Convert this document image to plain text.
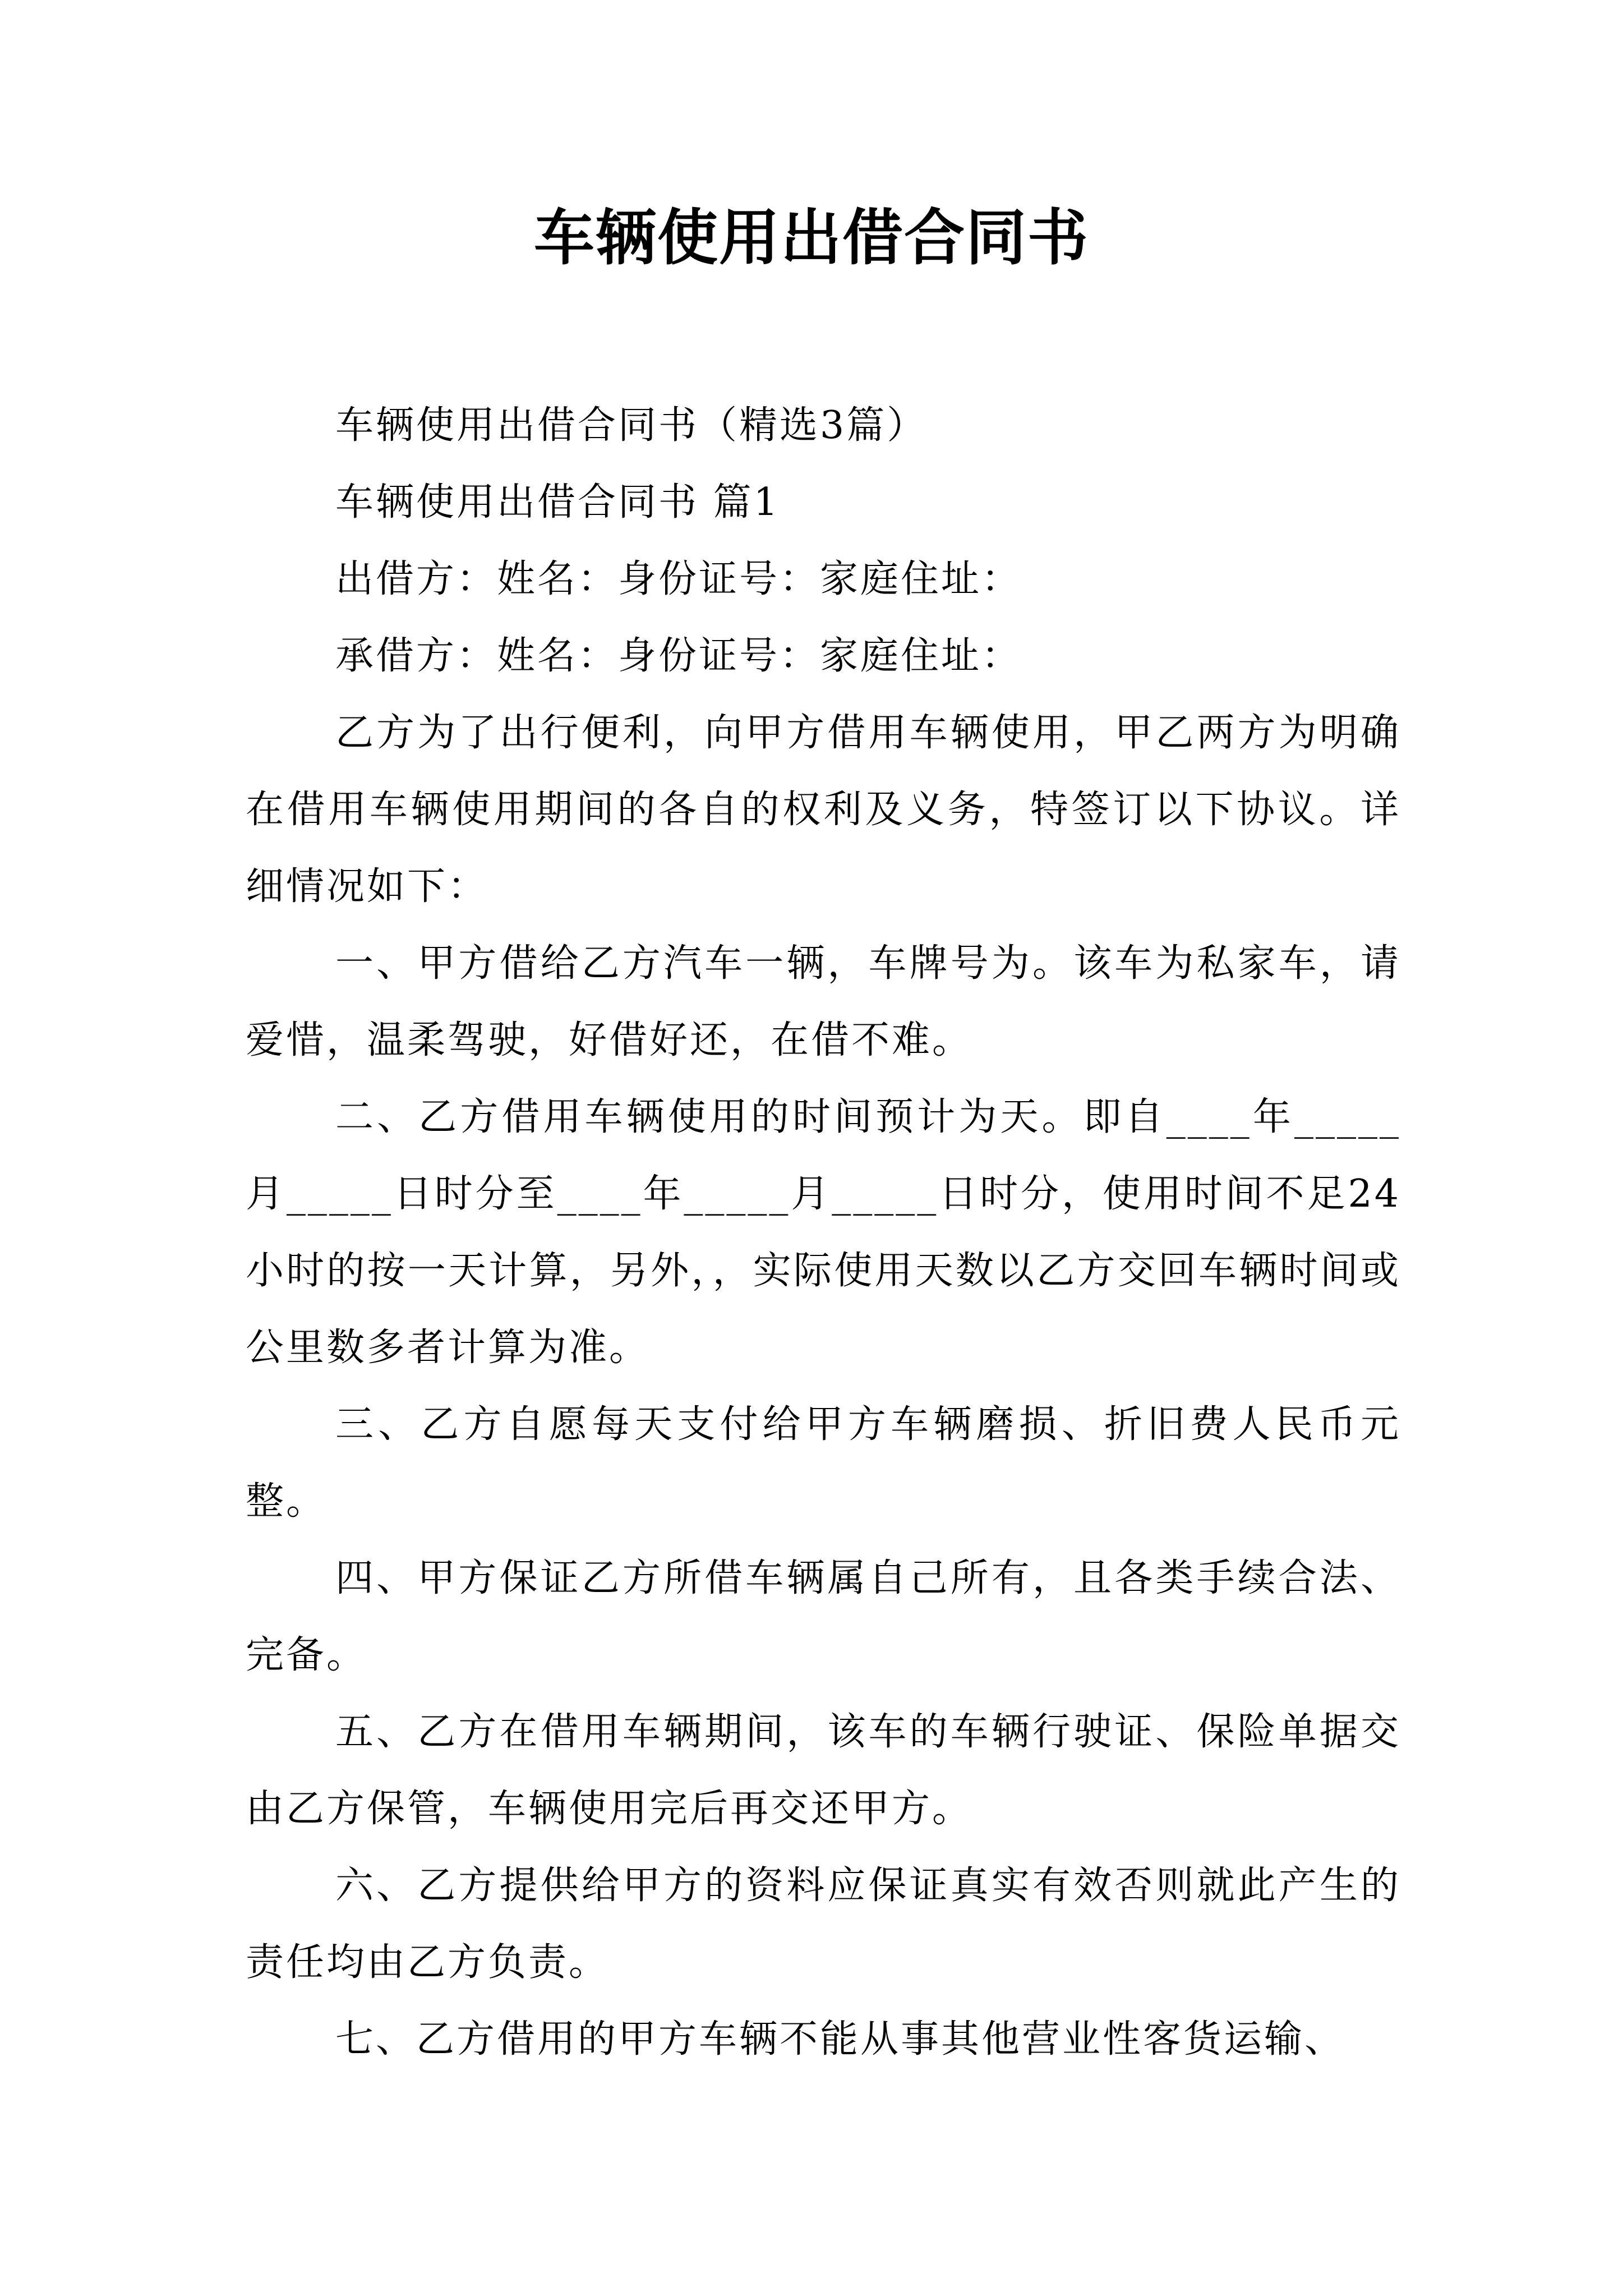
车辆使用出借合同书

车辆使用出借合同书（精选3篇）

车辆使用出借合同书 篇1

出借方：姓名：身份证号：家庭住址：

承借方：姓名：身份证号：家庭住址：

乙方为了出行便利，向甲方借用车辆使用，甲乙两方为明确在借用车辆使用期间的各自的权利及义务，特签订以下协议。详细情况如下：

一、甲方借给乙方汽车一辆，车牌号为。该车为私家车，请爱惜，温柔驾驶，好借好还，在借不难。

二、乙方借用车辆使用的时间预计为天。即自____年_____月_____日时分至____年_____月_____日时分，使用时间不足24小时的按一天计算，另外，，实际使用天数以乙方交回车辆时间或公里数多者计算为准。

三、乙方自愿每天支付给甲方车辆磨损、折旧费人民币元整。

四、甲方保证乙方所借车辆属自己所有，且各类手续合法、完备。

五、乙方在借用车辆期间，该车的车辆行驶证、保险单据交由乙方保管，车辆使用完后再交还甲方。

六、乙方提供给甲方的资料应保证真实有效否则就此产生的责任均由乙方负责。

七、乙方借用的甲方车辆不能从事其他营业性客货运输、
